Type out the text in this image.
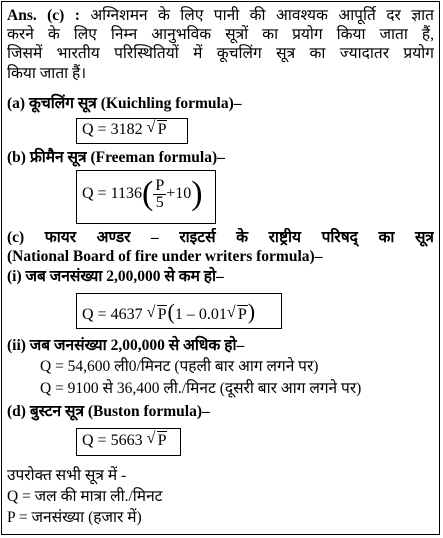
Ans. (c) : अग्निशमन के लिए पानी की आवश्यक आपूर्ति दर ज्ञात
करने के लिए निम्न आनुभविक सूत्रों का प्रयोग किया जाता हैं,
जिसमें भारतीय परिस्थितियों में कूचलिंग सूत्र का ज्यादातर प्रयोग
किया जाता हैं।
(a) कूचलिंग सूत्र (Kuichling formula)–
Q = 3182 √ P
(b) फ्रीमैन सूत्र (Freeman formula)–
$Q = 1136( \frac{P}{5} +10)$
(c) फायर अण्डर – राइटर्स के राष्ट्रीय परिषद् का सूत्र
(National Board of fire under writers formula)–
(i) जब जनसंख्या 2,00,000 से कम हो–
Q = 4637 √ P(1 – 0.01 √ P)
(ii) जब जनसंख्या 2,00,000 से अधिक हो–
Q = 54,600 ली0/मिनट (पहली बार आग लगने पर)
Q = 9100 से 36,400 ली./मिनट (दूसरी बार आग लगने पर)
(d) बुस्टन सूत्र (Buston formula)–
Q = 5663 √ P
उपरोक्त सभी सूत्र में -
Q = जल की मात्रा ली./मिनट
P = जनसंख्या (हजार में)
